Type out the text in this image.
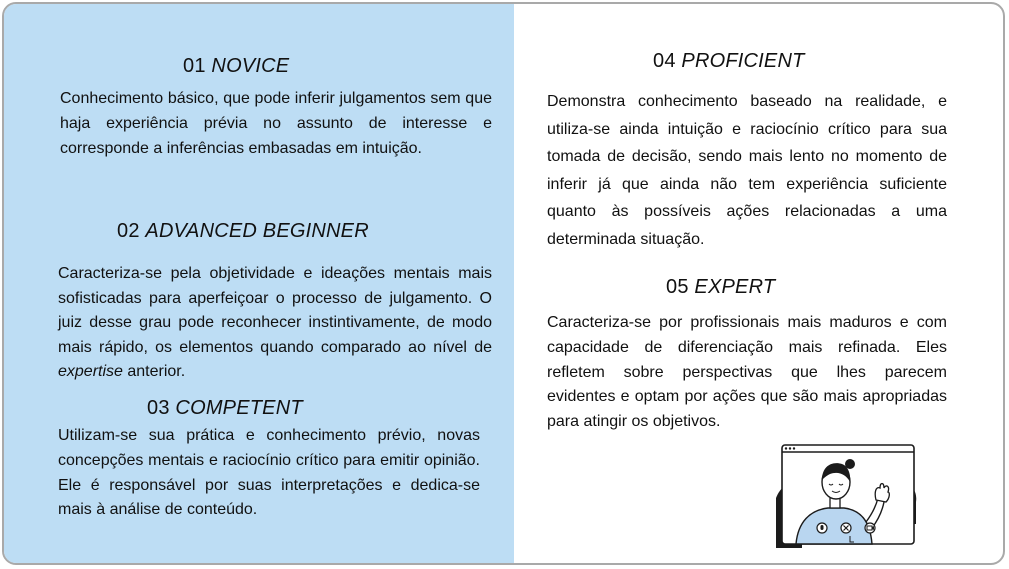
01 NOVICE

Conhecimento básico, que pode inferir julgamentos sem que haja experiência prévia no assunto de interesse e corresponde a inferências embasadas em intuição.

02 ADVANCED BEGINNER

Caracteriza-se pela objetividade e ideações mentais mais sofisticadas para aperfeiçoar o processo de julgamento. O juiz desse grau pode reconhecer instintivamente, de modo mais rápido, os elementos quando comparado ao nível de expertise anterior.

03 COMPETENT

Utilizam-se sua prática e conhecimento prévio, novas concepções mentais e raciocínio crítico para emitir opinião. Ele é responsável por suas interpretações e dedica-se mais à análise de conteúdo.

04 PROFICIENT

Demonstra conhecimento baseado na realidade, e utiliza-se ainda intuição e raciocínio crítico para sua tomada de decisão, sendo mais lento no momento de inferir já que ainda não tem experiência suficiente quanto às possíveis ações relacionadas a uma determinada situação.

05 EXPERT

Caracteriza-se por profissionais mais maduros e com capacidade de diferenciação mais refinada. Eles refletem sobre perspectivas que lhes parecem evidentes e optam por ações que são mais apropriadas para atingir os objetivos.
